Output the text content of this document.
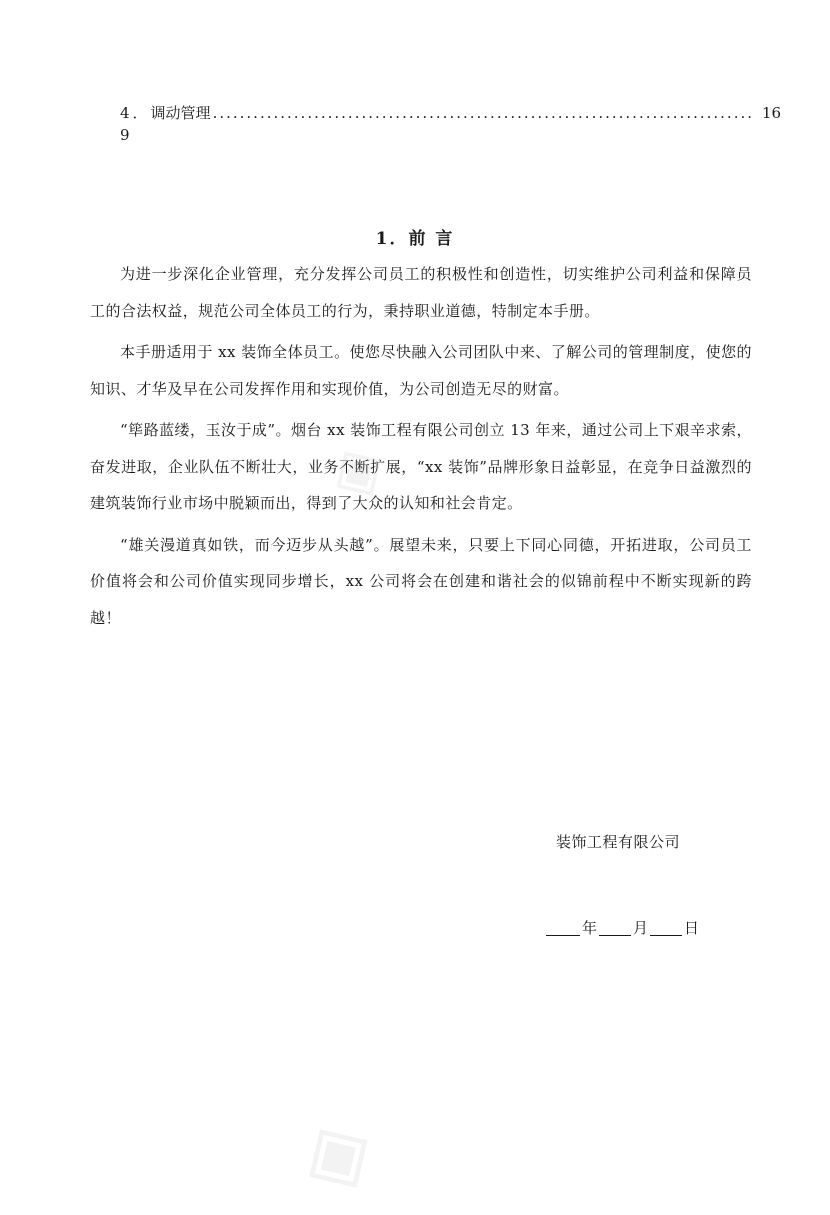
4．9
调动管理 ................................................................................ 16
1．前 言

为进一步深化企业管理，充分发挥公司员工的积极性和创造性，切实维护公司利益和保障员工的合法权益，规范公司全体员工的行为，秉持职业道德，特制定本手册。

本手册适用于 xx 装饰全体员工。使您尽快融入公司团队中来、了解公司的管理制度，使您的知识、才华及早在公司发挥作用和实现价值，为公司创造无尽的财富。

“筚路蓝缕，玉汝于成”。烟台 xx 装饰工程有限公司创立 13 年来，通过公司上下艰辛求索，奋发进取，企业队伍不断壮大，业务不断扩展，“xx 装饰”品牌形象日益彰显，在竞争日益激烈的建筑装饰行业市场中脱颖而出，得到了大众的认知和社会肯定。

“雄关漫道真如铁，而今迈步从头越”。展望未来，只要上下同心同德，开拓进取，公司员工价值将会和公司价值实现同步增长，xx 公司将会在创建和谐社会的似锦前程中不断实现新的跨越！

装饰工程有限公司
年 月 日
◈
◈
